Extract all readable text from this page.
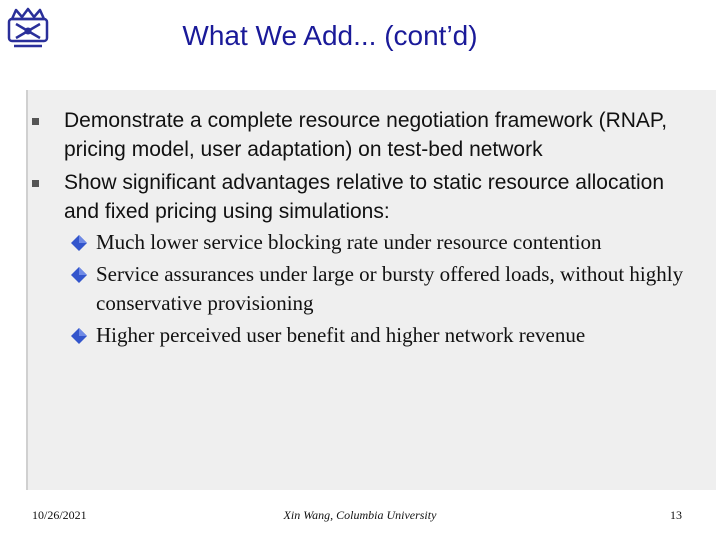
What We Add... (cont’d)
Demonstrate a complete resource negotiation framework (RNAP, pricing model, user adaptation) on test-bed network
Show significant advantages relative to static resource allocation and fixed pricing using simulations:
Much lower service blocking rate under resource contention
Service assurances under large or bursty offered loads, without highly conservative provisioning
Higher perceived user benefit and higher network revenue
10/26/2021	Xin Wang, Columbia University	13
